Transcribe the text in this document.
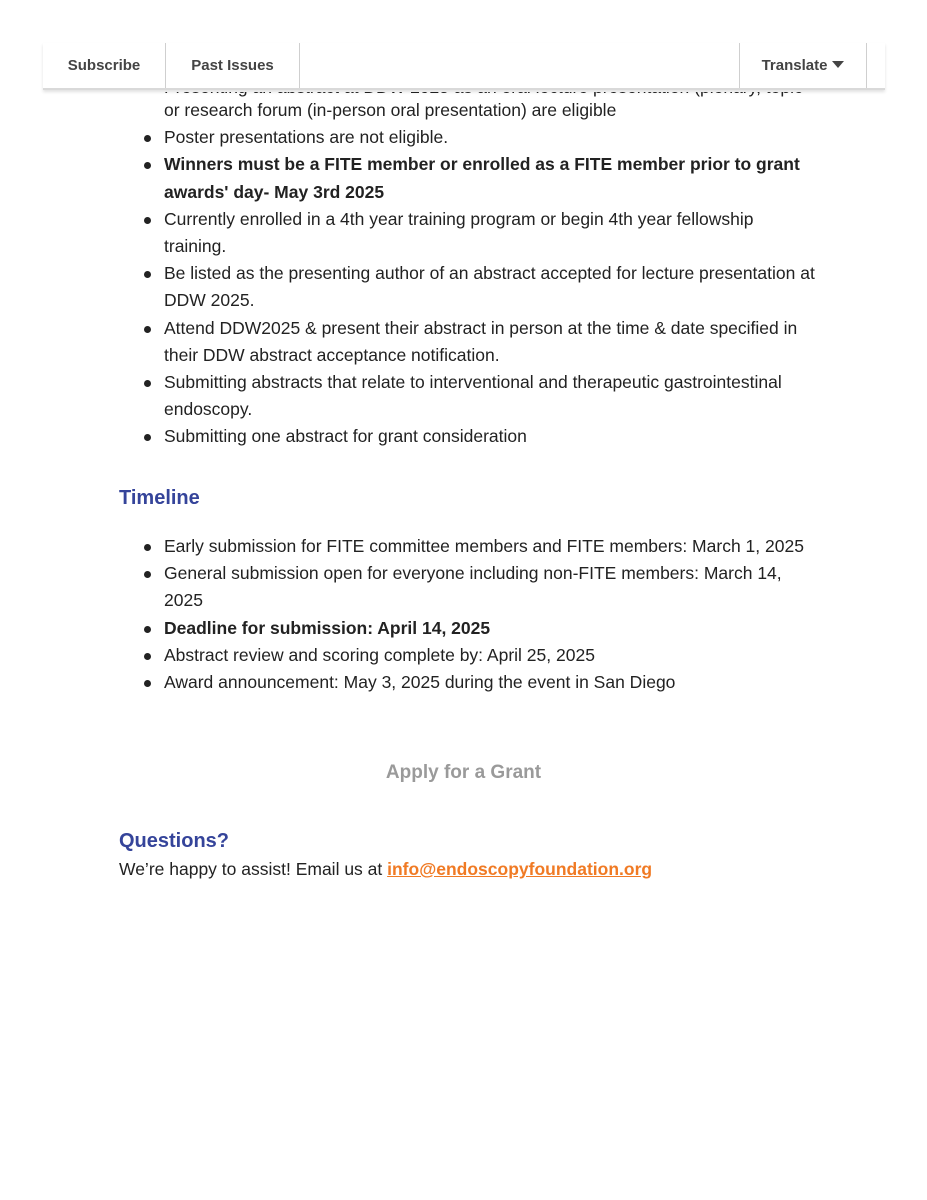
Subscribe	Past Issues	Translate
or research forum (in-person oral presentation) are eligible
Poster presentations are not eligible.
Winners must be a FITE member or enrolled as a FITE member prior to grant awards' day- May 3rd 2025
Currently enrolled in a 4th year training program or begin 4th year fellowship training.
Be listed as the presenting author of an abstract accepted for lecture presentation at DDW 2025.
Attend DDW2025 & present their abstract in person at the time & date specified in their DDW abstract acceptance notification.
Submitting abstracts that relate to interventional and therapeutic gastrointestinal endoscopy.
Submitting one abstract for grant consideration
Timeline
Early submission for FITE committee members and FITE members: March 1, 2025
General submission open for everyone including non-FITE members: March 14, 2025
Deadline for submission: April 14, 2025
Abstract review and scoring complete by: April 25, 2025
Award announcement: May 3, 2025 during the event in San Diego
Apply for a Grant
Questions?
We’re happy to assist! Email us at info@endoscopyfoundation.org
